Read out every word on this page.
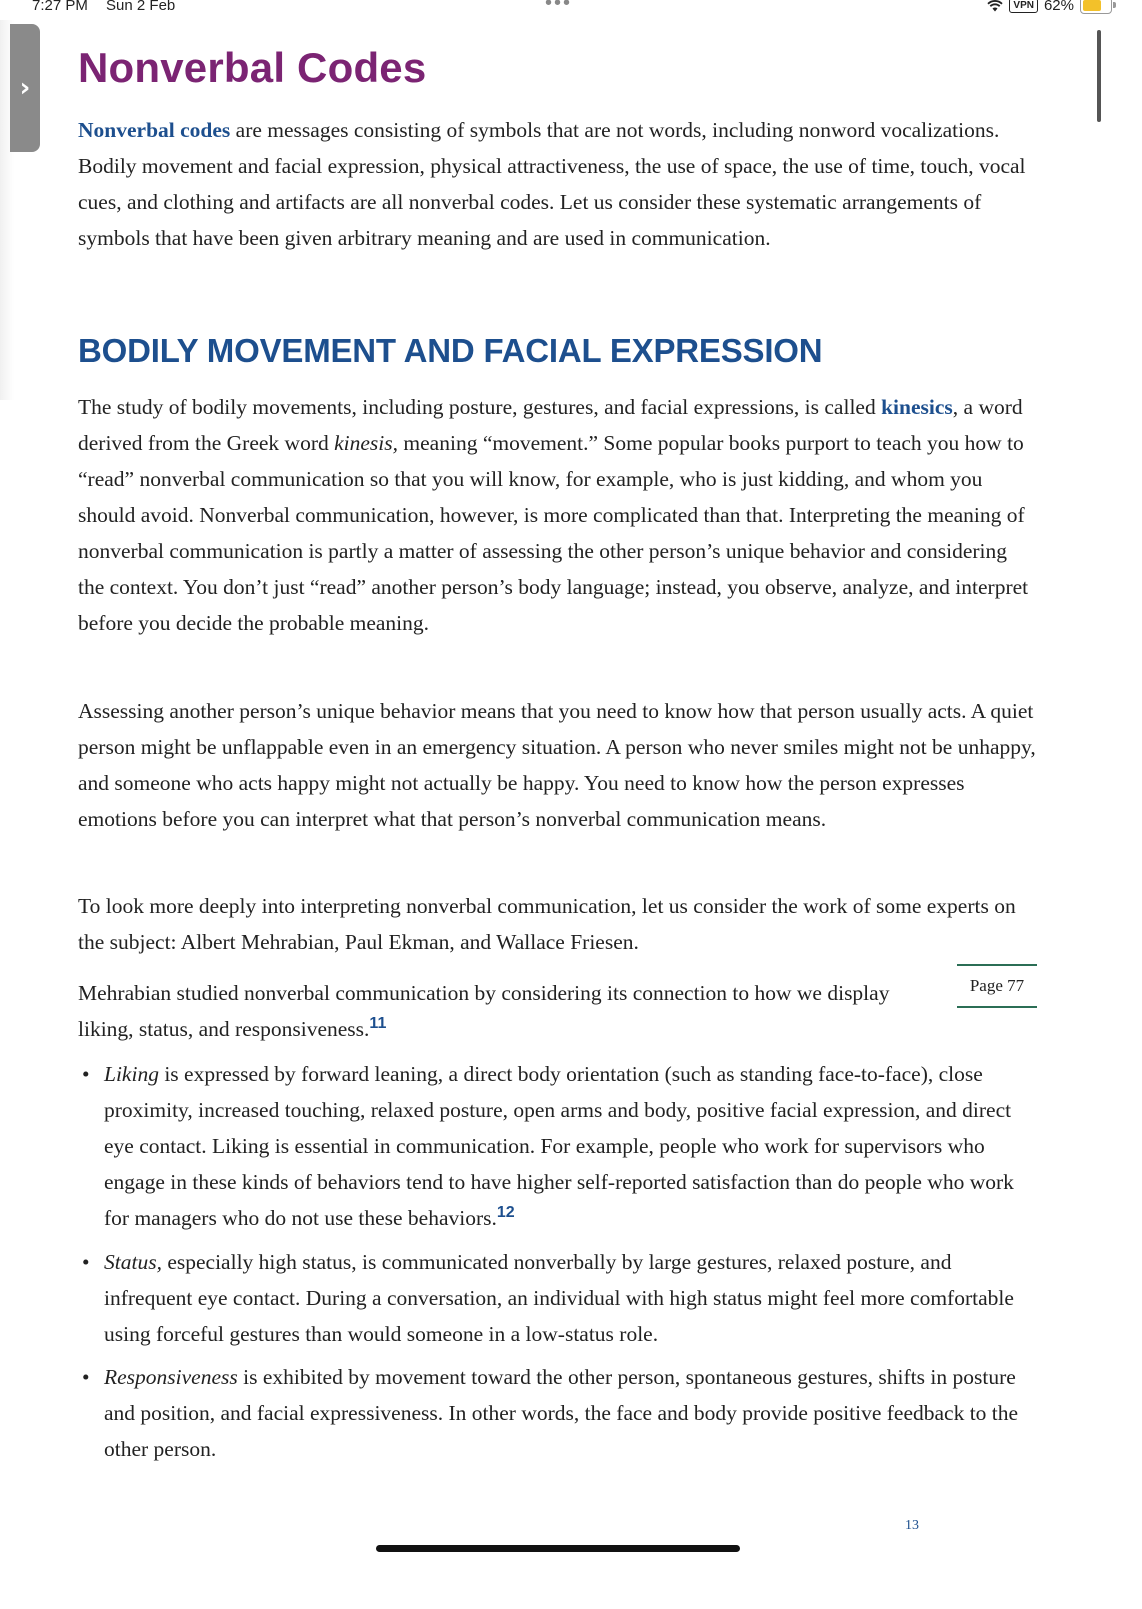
7:27 PM Sun 2 Feb	•••	VPN 62%
› Nonverbal Codes

Nonverbal codes are messages consisting of symbols that are not words, including nonword vocalizations. Bodily movement and facial expression, physical attractiveness, the use of space, the use of time, touch, vocal cues, and clothing and artifacts are all nonverbal codes. Let us consider these systematic arrangements of symbols that have been given arbitrary meaning and are used in communication.

BODILY MOVEMENT AND FACIAL EXPRESSION

The study of bodily movements, including posture, gestures, and facial expressions, is called kinesics, a word derived from the Greek word kinesis, meaning “movement.” Some popular books purport to teach you how to “read” nonverbal communication so that you will know, for example, who is just kidding, and whom you should avoid. Nonverbal communication, however, is more complicated than that. Interpreting the meaning of nonverbal communication is partly a matter of assessing the other person’s unique behavior and considering the context. You don’t just “read” another person’s body language; instead, you observe, analyze, and interpret before you decide the probable meaning.

Assessing another person’s unique behavior means that you need to know how that person usually acts. A quiet person might be unflappable even in an emergency situation. A person who never smiles might not be unhappy, and someone who acts happy might not actually be happy. You need to know how the person expresses emotions before you can interpret what that person’s nonverbal communication means.

To look more deeply into interpreting nonverbal communication, let us consider the work of some experts on the subject: Albert Mehrabian, Paul Ekman, and Wallace Friesen.

Mehrabian studied nonverbal communication by considering its connection to how we display liking, status, and responsiveness.$^{11}$

Page 77
• Liking is expressed by forward leaning, a direct body orientation (such as standing face-to-face), close proximity, increased touching, relaxed posture, open arms and body, positive facial expression, and direct eye contact. Liking is essential in communication. For example, people who work for supervisors who engage in these kinds of behaviors tend to have higher self-reported satisfaction than do people who work for managers who do not use these behaviors.$^{12}$
• Status, especially high status, is communicated nonverbally by large gestures, relaxed posture, and infrequent eye contact. During a conversation, an individual with high status might feel more comfortable using forceful gestures than would someone in a low-status role.
• Responsiveness is exhibited by movement toward the other person, spontaneous gestures, shifts in posture and position, and facial expressiveness. In other words, the face and body provide positive feedback to the other person.
13
